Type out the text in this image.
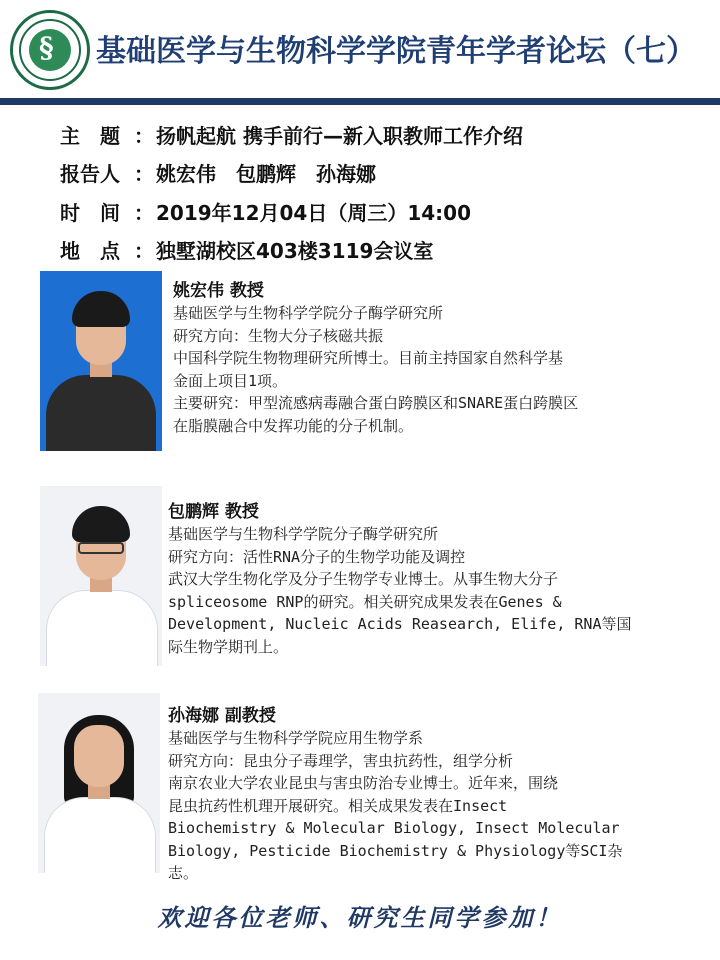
§ 基础医学与生物科学学院青年学者论坛（七）
主　题 ： 扬帆起航 携手前行—新入职教师工作介绍
报告人 ： 姚宏伟　包鹏辉　孙海娜
时　间 ： 2019年12月04日（周三）14:00
地　点 ： 独墅湖校区403楼3119会议室
姚宏伟 教授
基础医学与生物科学学院分子酶学研究所
研究方向：生物大分子核磁共振
中国科学院生物物理研究所博士。目前主持国家自然科学基
金面上项目1项。
主要研究：甲型流感病毒融合蛋白跨膜区和SNARE蛋白跨膜区
在脂膜融合中发挥功能的分子机制。
包鹏辉 教授
基础医学与生物科学学院分子酶学研究所
研究方向：活性RNA分子的生物学功能及调控
武汉大学生物化学及分子生物学专业博士。从事生物大分子
spliceosome RNP的研究。相关研究成果发表在Genes &
Development, Nucleic Acids Reasearch, Elife, RNA等国
际生物学期刊上。
孙海娜 副教授
基础医学与生物科学学院应用生物学系
研究方向：昆虫分子毒理学，害虫抗药性，组学分析
南京农业大学农业昆虫与害虫防治专业博士。近年来，围绕
昆虫抗药性机理开展研究。相关成果发表在Insect
Biochemistry & Molecular Biology, Insect Molecular
Biology, Pesticide Biochemistry & Physiology等SCI杂
志。
欢迎各位老师、研究生同学参加！
